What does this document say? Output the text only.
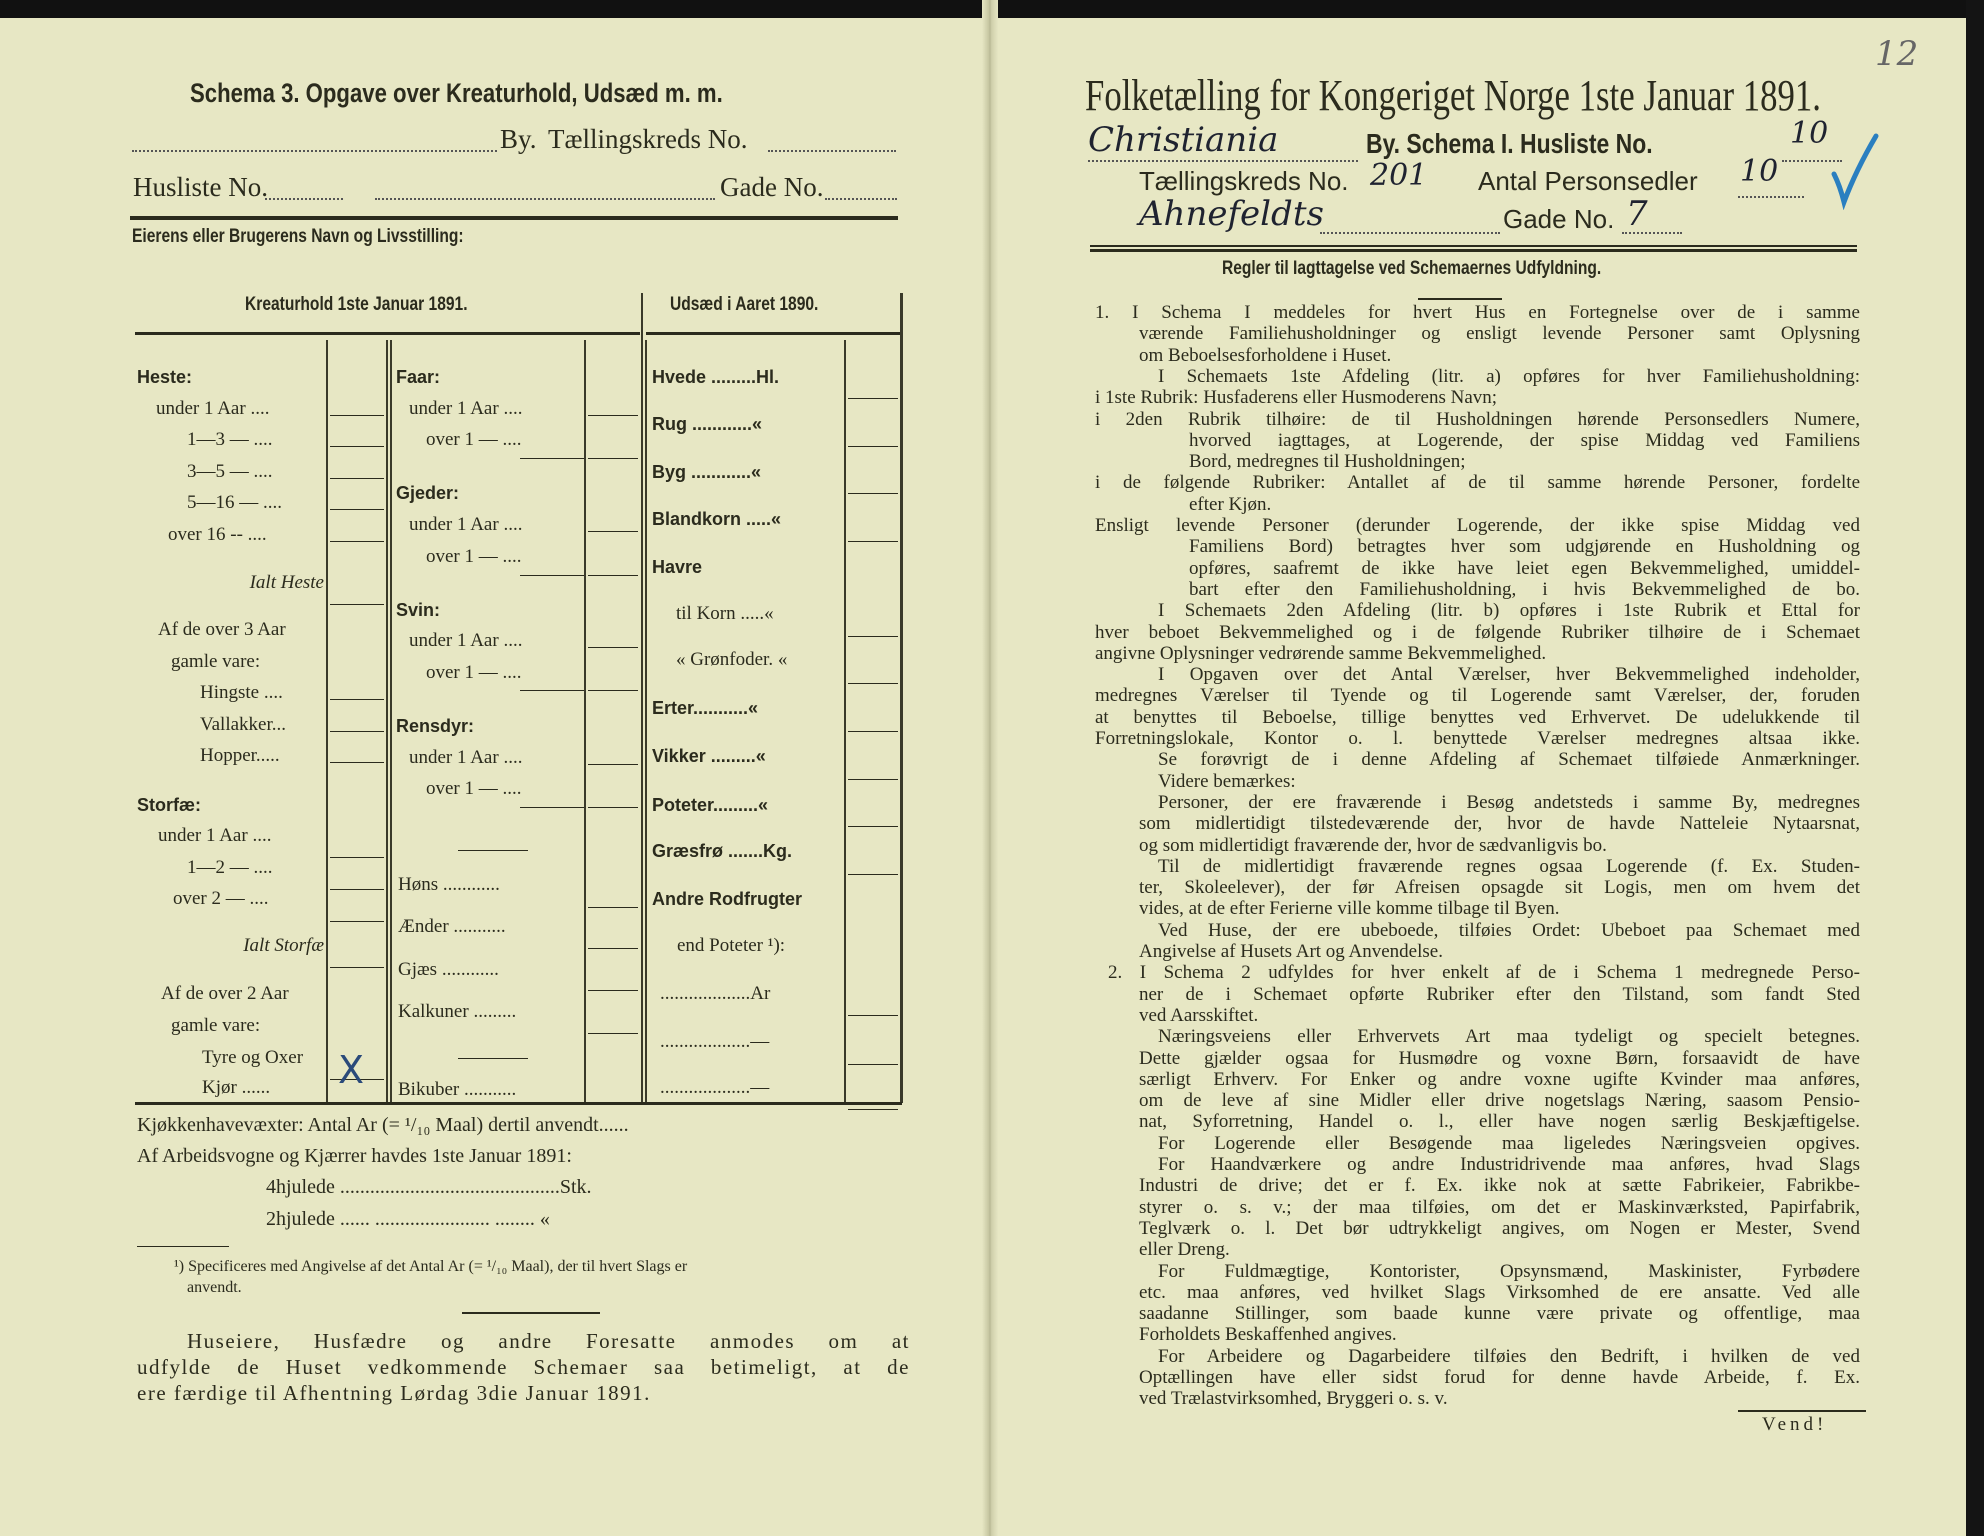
Schema 3. Opgave over Kreaturhold, Udsæd m. m.
By. Tællingskreds No.
Husliste No.	Gade No.
Eierens eller Brugerens Navn og Livsstilling:
Kreaturhold 1ste Januar 1891.	Udsæd i Aaret 1890.
Heste:
under 1 Aar ....
1—3 — ....
3—5 — ....
5—16 — ....
over 16 -- ....
Ialt Heste
Af de over 3 Aar
gamle vare:
Hingste ....
Vallakker...
Hopper.....
Storfæ:
under 1 Aar ....
1—2 — ....
over 2 — ....
Ialt Storfæ
Af de over 2 Aar
gamle vare:
Tyre og Oxer
Kjør ......
Faar:
under 1 Aar ....
over 1 — ....
Gjeder:
under 1 Aar ....
over 1 — ....
Svin:
under 1 Aar ....
over 1 — ....
Rensdyr:
under 1 Aar ....
over 1 — ....
Høns ............
Ænder ...........
Gjæs ............
Kalkuner .........
Bikuber ...........
Hvede .........Hl.
Rug ............«
Byg ............«
Blandkorn .....«
Havre
til Korn .....«
« Grønfoder. «
Erter...........«
Vikker .........«
Poteter.........«
Græsfrø .......Kg.
Andre Rodfrugter
end Poteter ¹):
...................Ar
...................—
...................—
X
Kjøkkenhavevæxter: Antal Ar (= ¹/₁₀ Maal) dertil anvendt......
Af Arbeidsvogne og Kjærrer havdes 1ste Januar 1891:
4hjulede ............................................Stk.
2hjulede ...... ....................... ........ «
¹) Specificeres med Angivelse af det Antal Ar (= ¹/₁₀ Maal), der til hvert Slags er
anvendt.
Huseiere, Husfædre og andre Foresatte anmodes om at
udfylde de Huset vedkommende Schemaer saa betimeligt, at de
ere færdige til Afhentning Lørdag 3die Januar 1891.
12
Folketælling for Kongeriget Norge 1ste Januar 1891.
Christiania	By. Schema I. Husliste No.	10
Tællingskreds No. 201 Antal Personsedler 10
Ahnefeldts	Gade No. 7
Regler til Iagttagelse ved Schemaernes Udfyldning.
1. I Schema I meddeles for hvert Hus en Fortegnelse over de i samme
værende Familiehusholdninger og ensligt levende Personer samt Oplysning
om Beboelsesforholdene i Huset.
I Schemaets 1ste Afdeling (litr. a) opføres for hver Familiehusholdning:
i 1ste Rubrik: Husfaderens eller Husmoderens Navn;
i 2den Rubrik tilhøire: de til Husholdningen hørende Personsedlers Numere,
hvorved iagttages, at Logerende, der spise Middag ved Familiens
Bord, medregnes til Husholdningen;
i de følgende Rubriker: Antallet af de til samme hørende Personer, fordelte
efter Kjøn.
Ensligt levende Personer (derunder Logerende, der ikke spise Middag ved
Familiens Bord) betragtes hver som udgjørende en Husholdning og
opføres, saafremt de ikke have leiet egen Bekvemmelighed, umiddel-
bart efter den Familiehusholdning, i hvis Bekvemmelighed de bo.
I Schemaets 2den Afdeling (litr. b) opføres i 1ste Rubrik et Ettal for
hver beboet Bekvemmelighed og i de følgende Rubriker tilhøire de i Schemaet
angivne Oplysninger vedrørende samme Bekvemmelighed.
I Opgaven over det Antal Værelser, hver Bekvemmelighed indeholder,
medregnes Værelser til Tyende og til Logerende samt Værelser, der, foruden
at benyttes til Beboelse, tillige benyttes ved Erhvervet. De udelukkende til
Forretningslokale, Kontor o. l. benyttede Værelser medregnes altsaa ikke.
Se forøvrigt de i denne Afdeling af Schemaet tilføiede Anmærkninger.
Videre bemærkes:
Personer, der ere fraværende i Besøg andetsteds i samme By, medregnes
som midlertidigt tilstedeværende der, hvor de havde Natteleie Nytaarsnat,
og som midlertidigt fraværende der, hvor de sædvanligvis bo.
Til de midlertidigt fraværende regnes ogsaa Logerende (f. Ex. Studen-
ter, Skoleelever), der før Afreisen opsagde sit Logis, men om hvem det
vides, at de efter Ferierne ville komme tilbage til Byen.
Ved Huse, der ere ubeboede, tilføies Ordet: Ubeboet paa Schemaet med
Angivelse af Husets Art og Anvendelse.
2. I Schema 2 udfyldes for hver enkelt af de i Schema 1 medregnede Perso-
ner de i Schemaet opførte Rubriker efter den Tilstand, som fandt Sted
ved Aarsskiftet.
Næringsveiens eller Erhvervets Art maa tydeligt og specielt betegnes.
Dette gjælder ogsaa for Husmødre og voxne Børn, forsaavidt de have
særligt Erhverv. For Enker og andre voxne ugifte Kvinder maa anføres,
om de leve af sine Midler eller drive nogetslags Næring, saasom Pensio-
nat, Syforretning, Handel o. l., eller have nogen særlig Beskjæftigelse.
For Logerende eller Besøgende maa ligeledes Næringsveien opgives.
For Haandværkere og andre Industridrivende maa anføres, hvad Slags
Industri de drive; det er f. Ex. ikke nok at sætte Fabrikeier, Fabrikbe-
styrer o. s. v.; der maa tilføies, om det er Maskinværksted, Papirfabrik,
Teglværk o. l. Det bør udtrykkeligt angives, om Nogen er Mester, Svend
eller Dreng.
For Fuldmægtige, Kontorister, Opsynsmænd, Maskinister, Fyrbødere
etc. maa anføres, ved hvilket Slags Virksomhed de ere ansatte. Ved alle
saadanne Stillinger, som baade kunne være private og offentlige, maa
Forholdets Beskaffenhed angives.
For Arbeidere og Dagarbeidere tilføies den Bedrift, i hvilken de ved
Optællingen have eller sidst forud for denne havde Arbeide, f. Ex.
ved Trælastvirksomhed, Bryggeri o. s. v.
Vend!
